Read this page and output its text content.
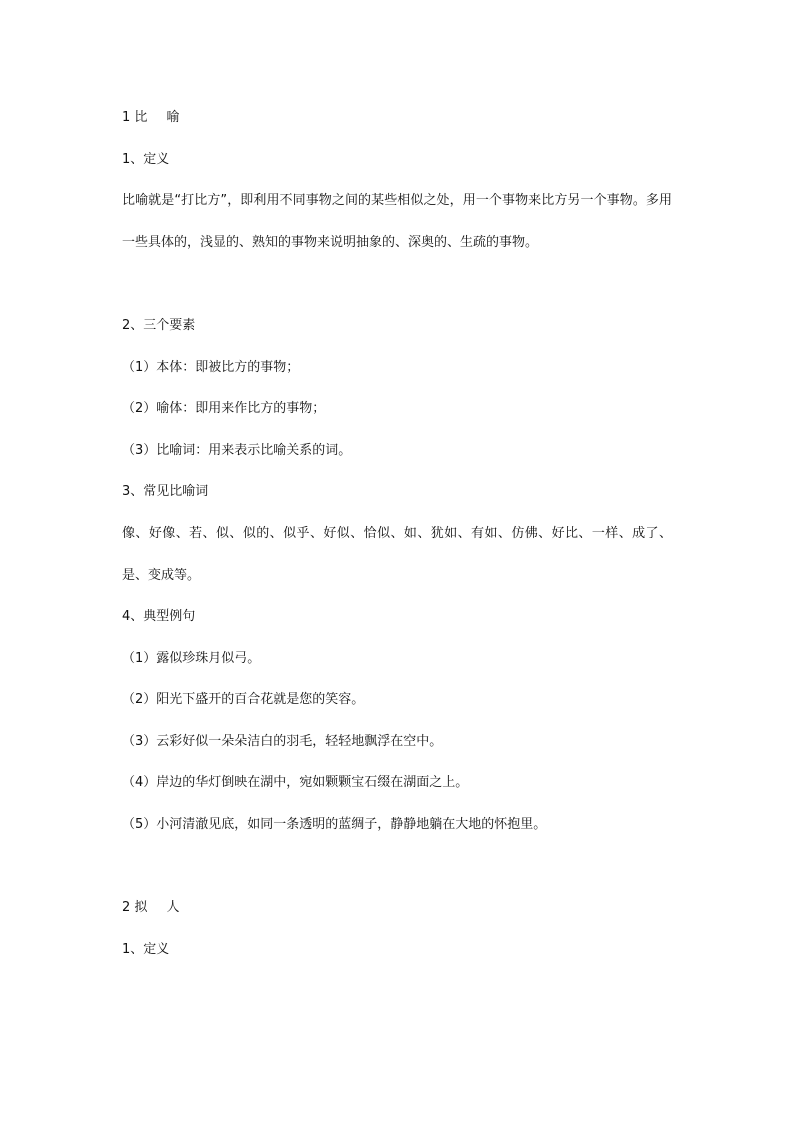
1 比 喻
1、定义
比喻就是“打比方”，即利用不同事物之间的某些相似之处，用一个事物来比方另一个事物。多用一些具体的，浅显的、熟知的事物来说明抽象的、深奥的、生疏的事物。
2、三个要素
（1）本体：即被比方的事物；
（2）喻体：即用来作比方的事物；
（3）比喻词：用来表示比喻关系的词。
3、常见比喻词
像、好像、若、似、似的、似乎、好似、恰似、如、犹如、有如、仿佛、好比、一样、成了、是、变成等。
4、典型例句
（1）露似珍珠月似弓。
（2）阳光下盛开的百合花就是您的笑容。
（3）云彩好似一朵朵洁白的羽毛，轻轻地飘浮在空中。
（4）岸边的华灯倒映在湖中，宛如颗颗宝石缀在湖面之上。
（5）小河清澈见底，如同一条透明的蓝绸子，静静地躺在大地的怀抱里。
2 拟 人
1、定义
